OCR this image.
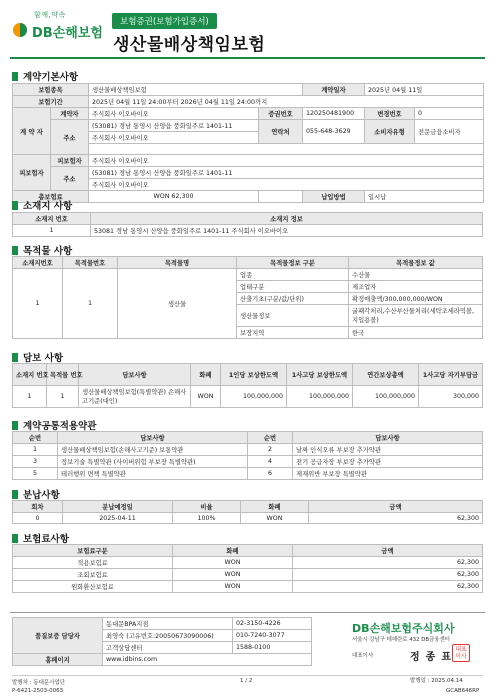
함께,약속
DB손해보험
보험증권(보험가입증서)
생산물배상책임보험
계약기본사항
보험종목		생산물배상책임보험		계약일자	2025년 04월 11일	
보험기간		2025년 04월 11일 24:00부터 2026년 04월 11일 24:00까지				
계 약 자	계약자	주식회사 이오바이오	증권번호	120250481900	변경번호	0
	주소	(53081) 경남 통영시 산양읍 풍화일주로 1401-11	연락처	055-648-3629	소비자유형	전문금융소비자
		주식회사 이오바이오				

피보험자	피보험자	주식회사 이오바이오				
	주소	(53081) 경남 통영시 산양읍 풍화일주로 1401-11				
		주식회사 이오바이오				
총보험료		WON 62,300		납입방법	일시납	
소재지 사항
소재지 번호	소재지 정보
1	53081 경남 통영시 산양읍 풍화일주로 1401-11 주식회사 이오바이오
목적물 사항
소재지번호	목적물번호	목적물명	목적물정보 구분	목적물정보 값
1	1	생산물	업종	수산물
			업태구분	제조업자
			산출기초(구분/값/단위)	확정매출액/300,000,000/WON
			생산물정보	굴패각처리,수산부산물처리(세탁조세라믹볼,지입용볼)
			보장지역	한국
담보 사항
소재지 번호	목적물 번호	담보사항	화폐	1인당 보상한도액	1사고당 보상한도액	연간보상총액	1사고당 자기부담금
1	1	생산물배상책임보험(특별약관) 손해사고기준(대인)	WON	100,000,000	100,000,000	100,000,000	300,000
계약공통적용약관
순번	담보사항	순번	담보사항
1	생산물배상책임보험(손해사고기준) 보통약관	2	날짜 인식오류 부보장 추가약관
3	정보기술 특별약관 (사이버위험 부보장 특별약관)	4	전기 공급자장 부보장 추가약관
5	테러행위 면책 특별약관	6	제재위반 부보장 특별약관
분납사항
회차	분납예정일	비율	화폐	금액
0	2025-04-11	100%	WON	62,300
보험료사항
보험료구분	화폐	금액
적용보험료	WON	62,300
조회보험료	WON	62,300
원화환산보험료	WON	62,300
품질보증 담당자	동대문BPA지점	02-3150-4226
	최영숙 (고유번호:20050673090006)	010-7240-3077
	고객상담센터	1588-0100
홈페이지	www.idbins.com	
DB손해보험주식회사
서울시 강남구 테헤란로 432 DB금융센터
대표이사	정종표
대표 이사
발행처 : 동대문사업단	1 / 2	발행일 : 2025.04.14
P-6421-2503-0063	GCAB646RP
